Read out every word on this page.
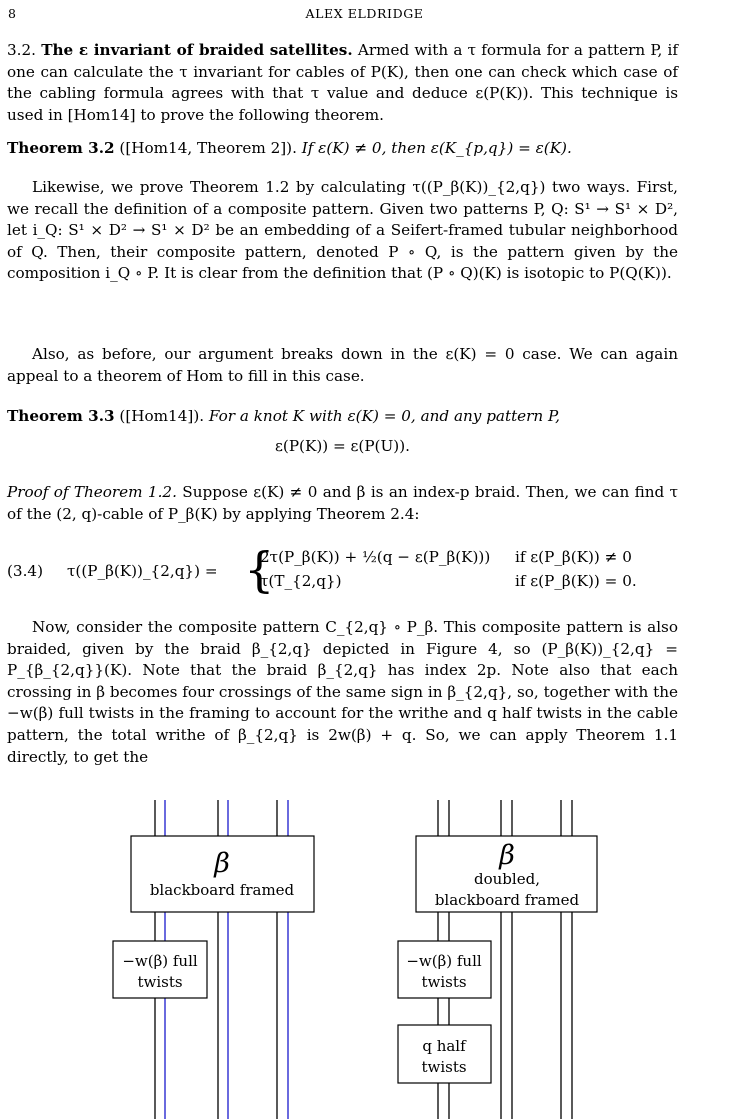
8	ALEX ELDRIDGE

3.2. The ε invariant of braided satellites. Armed with a τ formula for a pattern P, if one can calculate the τ invariant for cables of P(K), then one can check which case of the cabling formula agrees with that τ value and deduce ε(P(K)). This technique is used in [Hom14] to prove the following theorem.

Theorem 3.2 ([Hom14, Theorem 2]). If ε(K) ≠ 0, then ε(K_{p,q}) = ε(K).

Likewise, we prove Theorem 1.2 by calculating τ((P_β(K))_{2,q}) two ways. First, we recall the definition of a composite pattern. Given two patterns P, Q: S¹ → S¹ × D², let i_Q: S¹ × D² → S¹ × D² be an embedding of a Seifert-framed tubular neighborhood of Q. Then, their composite pattern, denoted P ∘ Q, is the pattern given by the composition i_Q ∘ P. It is clear from the definition that (P ∘ Q)(K) is isotopic to P(Q(K)).

Also, as before, our argument breaks down in the ε(K) = 0 case. We can again appeal to a theorem of Hom to fill in this case.

Theorem 3.3 ([Hom14]). For a knot K with ε(K) = 0, and any pattern P,

ε(P(K)) = ε(P(U)).

Proof of Theorem 1.2. Suppose ε(K) ≠ 0 and β is an index-p braid. Then, we can find τ of the (2, q)-cable of P_β(K) by applying Theorem 2.4:

(3.4) τ((P_β(K))_{2,q}) = {
2τ(P_β(K)) + ½(q − ε(P_β(K))) if ε(P_β(K)) ≠ 0
τ(T_{2,q})	if ε(P_β(K)) = 0.

Now, consider the composite pattern C_{2,q} ∘ P_β. This composite pattern is also braided, given by the braid β_{2,q} depicted in Figure 4, so (P_β(K))_{2,q} = P_{β_{2,q}}(K). Note that the braid β_{2,q} has index 2p. Note also that each crossing in β becomes four crossings of the same sign in β_{2,q}, so, together with the −w(β) full twists in the framing to account for the writhe and q half twists in the cable pattern, the total writhe of β_{2,q} is 2w(β) + q. So, we can apply Theorem 1.1 directly, to get the

β
blackboard framed
−w(β) full
twists
β
doubled,
blackboard framed
−w(β) full
twists
q half
twists
